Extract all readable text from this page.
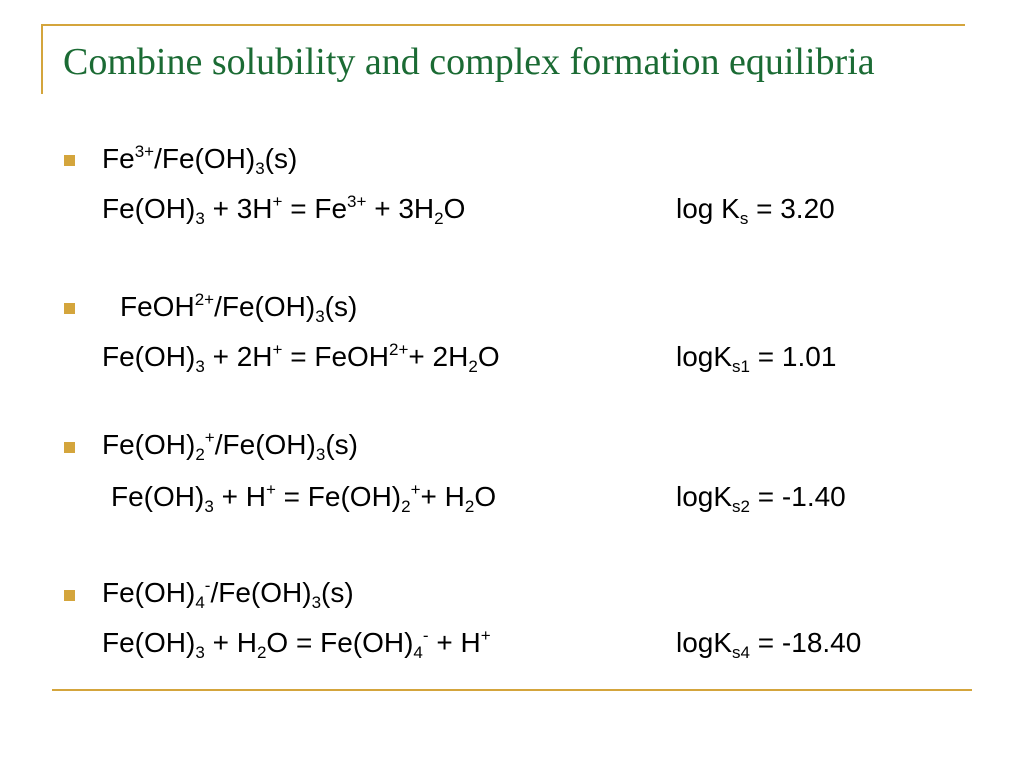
Combine solubility and complex formation equilibria
$Fe^{3+}/Fe(OH)_3(s)$
$Fe(OH)_3 + 3H^+ = Fe^{3+} + 3H_2O$	$\log K_s = 3.20$
$FeOH^{2+}/Fe(OH)_3(s)$
$Fe(OH)_3 + 2H^+$ = FeOH$^{2+}$+ $2H_2O$	logK$_{s1}$ = 1.01
$Fe(OH)_2^+/Fe(OH)_3(s)$
$Fe(OH)_3 + H^+ = Fe(OH)_2^++ H_2O$	logK$_{s2}$ = -1.40
$Fe(OH)_4^-/Fe(OH)_3(s)$
$Fe(OH)_3 + H_2O = Fe(OH)_4^- + H^+$	logK$_{s4}$ = -18.40
